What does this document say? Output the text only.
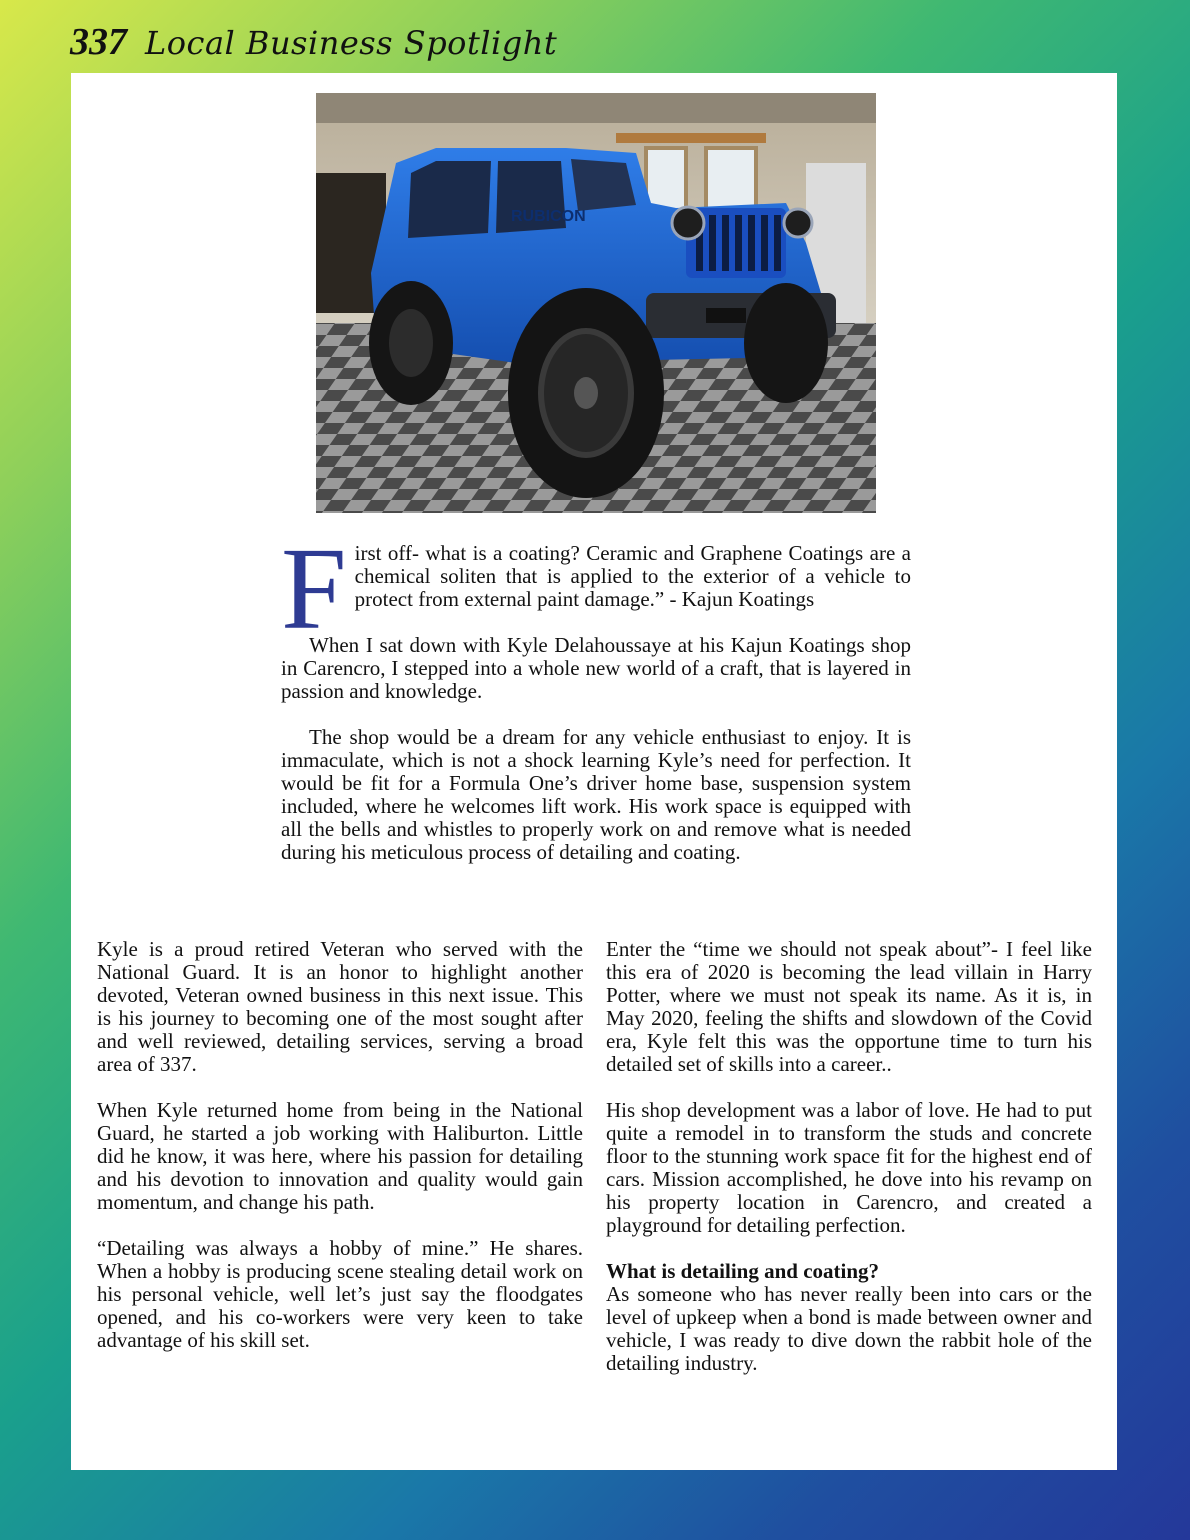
337 Local Business Spotlight
RUBICON

First off- what is a coating? Ceramic and Graphene Coatings are a chemical soliten that is applied to the exterior of a vehicle to protect from external paint damage.” - Kajun Koatings

When I sat down with Kyle Delahoussaye at his Kajun Koatings shop in Carencro, I stepped into a whole new world of a craft, that is layered in passion and knowledge.

The shop would be a dream for any vehicle enthusiast to enjoy. It is immaculate, which is not a shock learning Kyle’s need for perfection. It would be fit for a Formula One’s driver home base, suspension system included, where he welcomes lift work. His work space is equipped with all the bells and whistles to properly work on and remove what is needed during his meticulous process of detailing and coating.

Kyle is a proud retired Veteran who served with the National Guard. It is an honor to highlight another devoted, Veteran owned business in this next issue. This is his journey to becoming one of the most sought after and well reviewed, detailing services, serving a broad area of 337.

When Kyle returned home from being in the National Guard, he started a job working with Haliburton. Little did he know, it was here, where his passion for detailing and his devotion to innovation and quality would gain momentum, and change his path.

“Detailing was always a hobby of mine.” He shares. When a hobby is producing scene stealing detail work on his personal vehicle, well let’s just say the floodgates opened, and his co-workers were very keen to take advantage of his skill set.

Enter the “time we should not speak about”- I feel like this era of 2020 is becoming the lead villain in Harry Potter, where we must not speak its name. As it is, in May 2020, feeling the shifts and slowdown of the Covid era, Kyle felt this was the opportune time to turn his detailed set of skills into a career..

His shop development was a labor of love. He had to put quite a remodel in to transform the studs and concrete floor to the stunning work space fit for the highest end of cars. Mission accomplished, he dove into his revamp on his property location in Carencro, and created a playground for detailing perfection.

What is detailing and coating?

As someone who has never really been into cars or the level of upkeep when a bond is made between owner and vehicle, I was ready to dive down the rabbit hole of the detailing industry.
